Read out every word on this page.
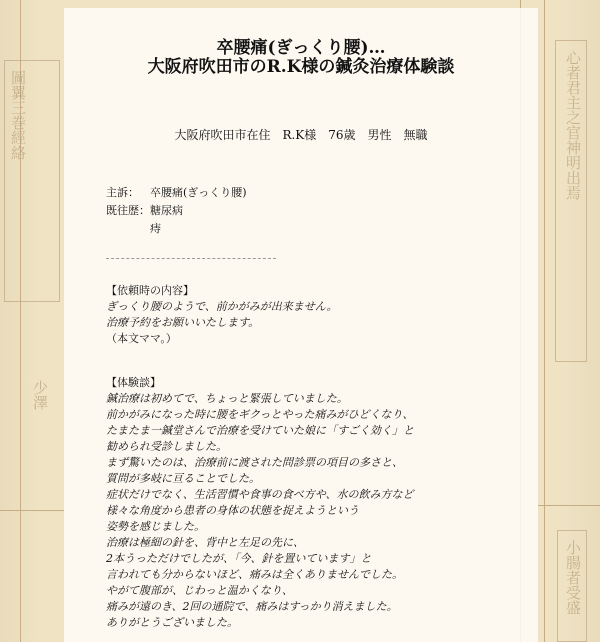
心者君主之官神明出焉
小腸者受盛
圖翼三巻經絡
少澤
卒腰痛(ぎっくり腰)…
大阪府吹田市のR.K様の鍼灸治療体験談
大阪府吹田市在住　R.K様　76歳　男性　無職
主訴： 卒腰痛(ぎっくり腰)
既往歴： 糖尿病
痔
【依頼時の内容】
ぎっくり腰のようで、前かがみが出来ません。
治療予約をお願いいたします。
（本文ママ。）
【体験談】
鍼治療は初めてで、ちょっと緊張していました。
前かがみになった時に腰をギクっとやった痛みがひどくなり、
たまたま一鍼堂さんで治療を受けていた娘に「すごく効く」と
勧められ受診しました。
まず驚いたのは、治療前に渡された問診票の項目の多さと、
質問が多岐に亘ることでした。
症状だけでなく、生活習慣や食事の食べ方や、水の飲み方など
様々な角度から患者の身体の状態を捉えようという
姿勢を感じました。
治療は極細の針を、背中と左足の先に、
2本うっただけでしたが、「今、針を置いています」と
言われても分からないほど、痛みは全くありませんでした。
やがて腹部が、じわっと温かくなり、
痛みが遠のき、2回の通院で、痛みはすっかり消えました。
ありがとうございました。
